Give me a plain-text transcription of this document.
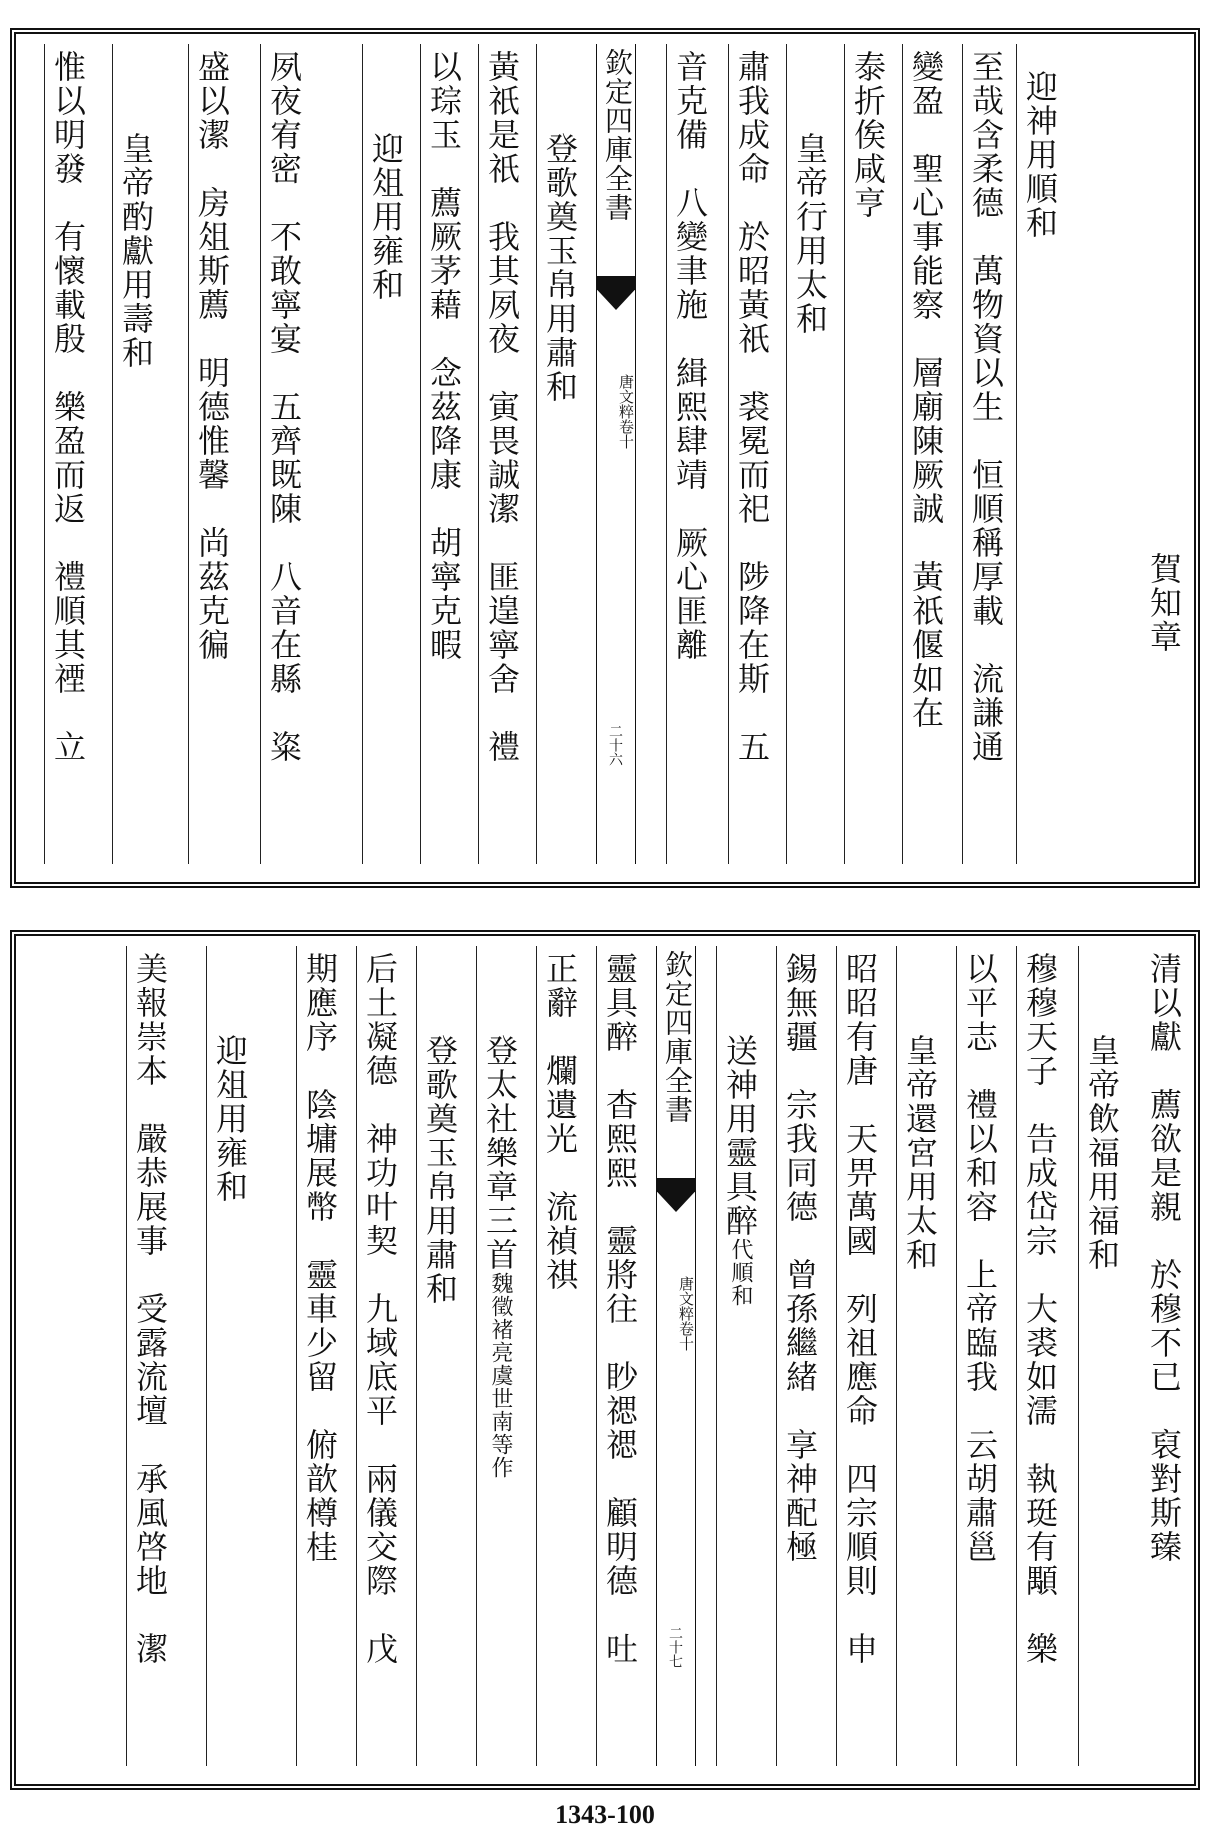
賀知章
迎神用順和
至哉含柔德　萬物資以生　恒順稱厚載　流謙通
變盈　聖心事能察　層廟陳厥誠　黃祇偃如在
泰折俟咸亨
皇帝行用太和
肅我成命　於昭黃祇　裘冕而祀　陟降在斯　五
音克備　八變聿施　緝熙肆靖　厥心匪離
欽定四庫全書
唐文粹卷十
二十六
登歌奠玉帛用肅和
黃祇是祇　我其夙夜　寅畏誠潔　匪遑寧舍　禮
以琮玉　薦厥茅藉　念茲降康　胡寧克暇
迎俎用雍和
夙夜宥密　不敢寧宴　五齊既陳　八音在縣　粢
盛以潔　房俎斯薦　明德惟馨　尚茲克徧
皇帝酌獻用壽和
惟以明發　有懷載殷　樂盈而返　禮順其禋　立
清以獻　薦欲是親　於穆不已　裒對斯臻
皇帝飲福用福和
穆穆天子　告成岱宗　大裘如濡　執珽有顒　樂
以平志　禮以和容　上帝臨我　云胡肅邕
皇帝還宮用太和
昭昭有唐　天畀萬國　列祖應命　四宗順則　申
錫無疆　宗我同德　曾孫繼緒　享神配極
送神用靈具醉代順和
欽定四庫全書
唐文粹卷十
二十七
靈具醉　杳熙熙　靈將往　眇禗禗　顧明德　吐
正辭　爛遺光　流禎祺
登太社樂章三首魏徵褚亮虞世南等作
登歌奠玉帛用肅和
后土凝德　神功叶契　九域底平　兩儀交際　戊
期應序　陰墉展幣　靈車少留　俯歆樽桂
迎俎用雍和
美報崇本　嚴恭展事　受露流壇　承風啓地　潔
1343-100
